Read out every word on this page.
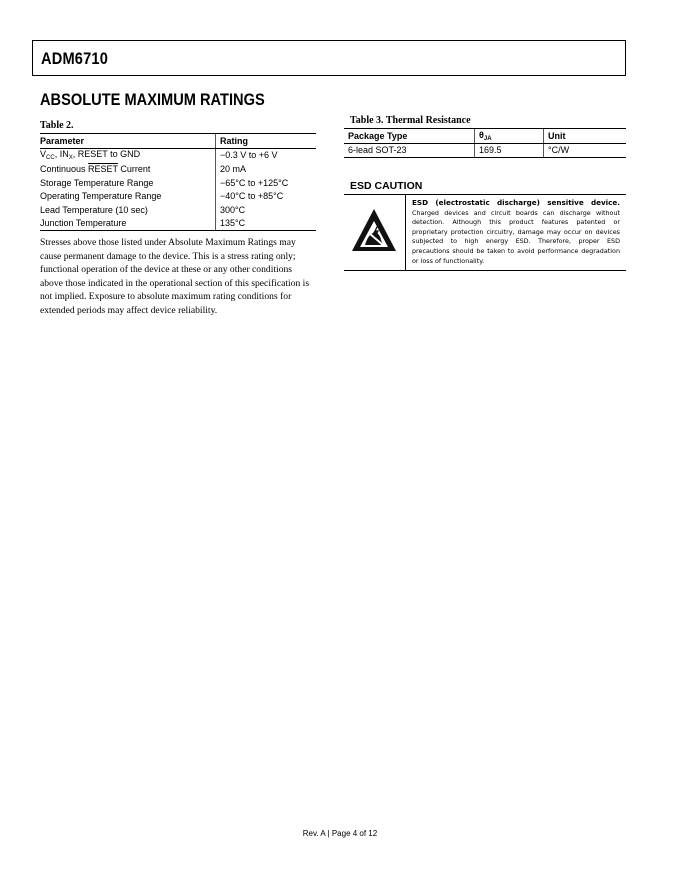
ADM6710
ABSOLUTE MAXIMUM RATINGS
Table 2.
Parameter	Rating
$V_{CC}$, $IN_X$, RESET to GND	−0.3 V to +6 V
Continuous RESET Current	20 mA
Storage Temperature Range	−65°C to +125°C
Operating Temperature Range	−40°C to +85°C
Lead Temperature (10 sec)	300°C
Junction Temperature	135°C
Stresses above those listed under Absolute Maximum Ratings may cause permanent damage to the device. This is a stress rating only; functional operation of the device at these or any other conditions above those indicated in the operational section of this specification is not implied. Exposure to absolute maximum rating conditions for extended periods may affect device reliability.
Table 3. Thermal Resistance
Package Type	$\theta_{JA}$	Unit
6-lead SOT-23	169.5	°C/W
ESD CAUTION
ESD (electrostatic discharge) sensitive device. Charged devices and circuit boards can discharge without detection. Although this product features patented or proprietary protection circuitry, damage may occur on devices subjected to high energy ESD. Therefore, proper ESD precautions should be taken to avoid performance degradation or loss of functionality.
Rev. A | Page 4 of 12
